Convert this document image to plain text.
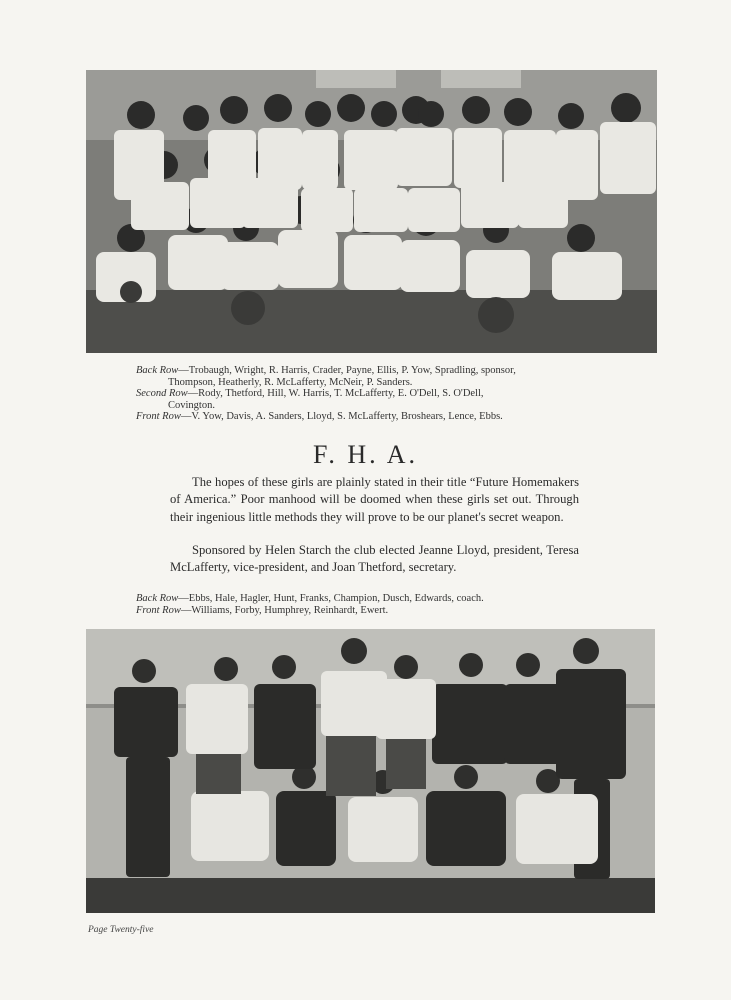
Back Row—Trobaugh, Wright, R. Harris, Crader, Payne, Ellis, P. Yow, Spradling, sponsor,
Thompson, Heatherly, R. McLafferty, McNeir, P. Sanders.
Second Row—Rody, Thetford, Hill, W. Harris, T. McLafferty, E. O'Dell, S. O'Dell,
Covington.
Front Row—V. Yow, Davis, A. Sanders, Lloyd, S. McLafferty, Broshears, Lence, Ebbs.
F. H. A.

The hopes of these girls are plainly stated in their title “Future Homemakers of America.” Poor manhood will be doomed when these girls set out. Through their ingenious little methods they will prove to be our planet's secret weapon.

Sponsored by Helen Starch the club elected Jeanne Lloyd, president, Teresa McLafferty, vice-president, and Joan Thetford, secretary.

Back Row—Ebbs, Hale, Hagler, Hunt, Franks, Champion, Dusch, Edwards, coach.
Front Row—Williams, Forby, Humphrey, Reinhardt, Ewert.
Page Twenty-five
